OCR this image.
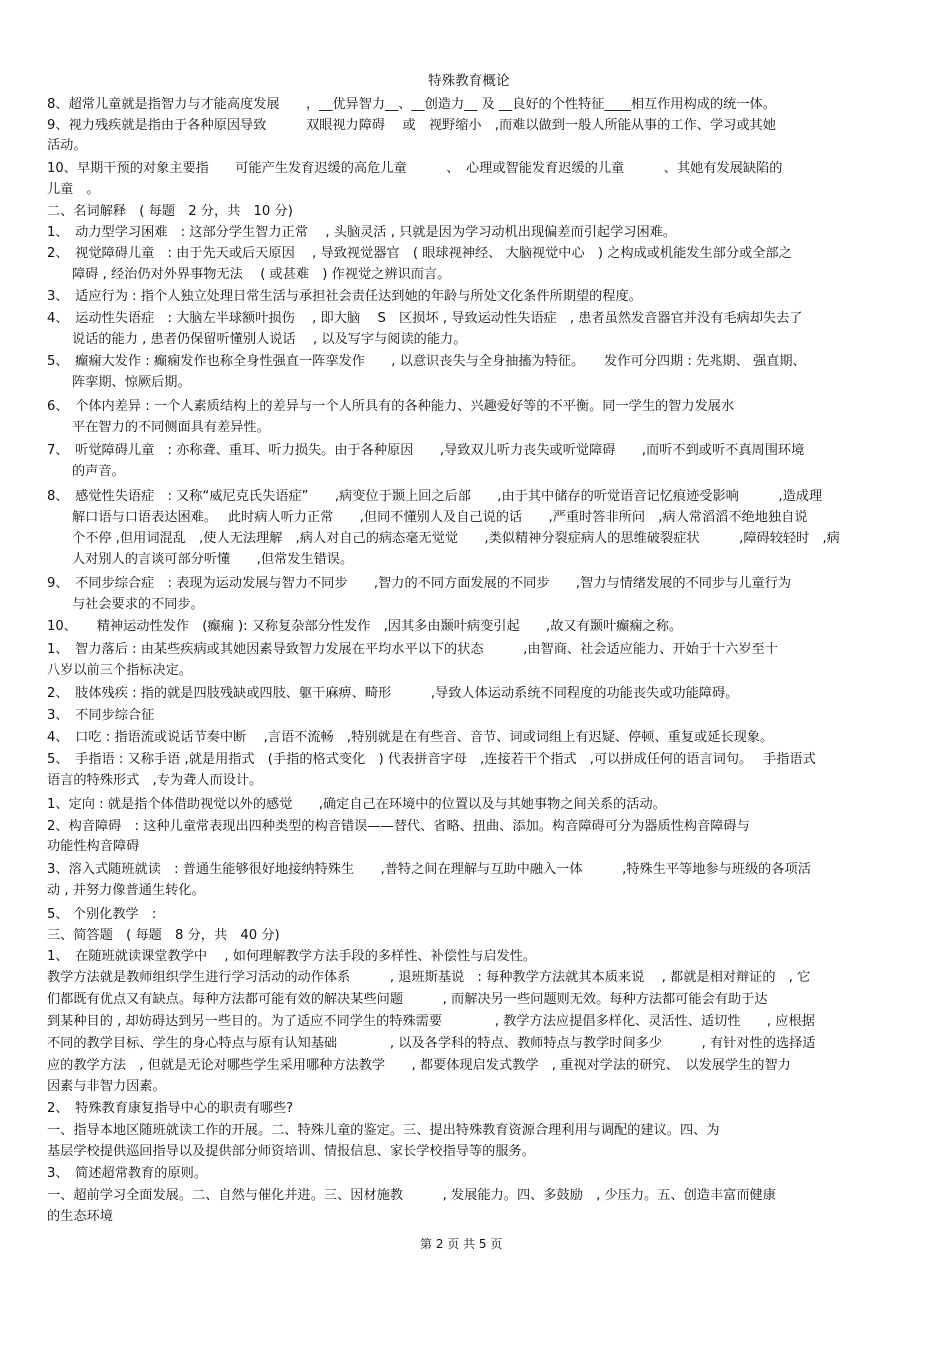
特殊教育概论
8、超常儿童就是指智力与才能高度发展　　，__优异智力__、__创造力__ 及 __良好的个性特征____相互作用构成的统一体。
9、视力残疾就是指由于各种原因导致　　　双眼视力障碍　 或　视野缩小　,而难以做到一般人所能从事的工作、学习或其她
活动。
10、早期干预的对象主要指　　可能产生发育迟缓的高危儿童　　　、　心理或智能发育迟缓的儿童　　　、其她有发展缺陷的
儿童　。
二、名词解释　( 每题　2 分，共　10 分)
1、　动力型学习困难　: 这部分学生智力正常　 , 头脑灵活 , 只就是因为学习动机出现偏差而引起学习困难。
2、　视觉障碍儿童　: 由于先天或后天原因　 , 导致视觉器官　( 眼球视神经、 大脑视觉中心　) 之构成或机能发生部分或全部之
障碍 , 经治仍对外界事物无法　 ( 或甚难　) 作视觉之辨识而言。
3、　适应行为 : 指个人独立处理日常生活与承担社会责任达到她的年龄与所处文化条件所期望的程度。
4、　运动性失语症　: 大脑左半球额叶损伤　 , 即大脑　 S　区损坏 , 导致运动性失语症　, 患者虽然发音器官并没有毛病却失去了
说话的能力 , 患者仍保留听懂别人说话　 , 以及写字与阅读的能力。
5、　癫痫大发作 : 癫痫发作也称全身性强直一阵挛发作　　, 以意识丧失与全身抽搐为特征。　　发作可分四期 : 先兆期、 强直期、
阵挛期、惊厥后期。
6、　个体内差异 : 一个人素质结构上的差异与一个人所具有的各种能力、兴趣爱好等的不平衡。同一学生的智力发展水
平在智力的不同侧面具有差异性。
7、　听觉障碍儿童　: 亦称聋、重耳、听力损失。由于各种原因　　,导致双儿听力丧失或听觉障碍　　,而听不到或听不真周围环境
的声音。
8、　感觉性失语症　: 又称“威尼克氏失语症”　　,病变位于颞上回之后部　　,由于其中储存的听觉语音记忆痕迹受影响　　　,造成理
解口语与口语表达困难。　 此时病人听力正常　　,但同不懂别人及自己说的话　　,严重时答非所问　,病人常滔滔不绝地独自说
个不停 ,但用词混乱　,使人无法理解　,病人对自己的病态毫无觉觉　　,类似精神分裂症病人的思维破裂症状　　　,障碍较轻时　,病
人对别人的言谈可部分听懂　　,但常发生错误。
9、　不同步综合症　: 表现为运动发展与智力不同步　　,智力的不同方面发展的不同步　　,智力与情绪发展的不同步与儿童行为
与社会要求的不同步。
10、　　精神运动性发作　(癫痫 ): 又称复杂部分性发作　,因其多由颞叶病变引起　　,故又有颞叶癫痫之称。
1、　智力落后 : 由某些疾病或其她因素导致智力发展在平均水平以下的状态　　　,由智商、社会适应能力、开始于十六岁至十
八岁以前三个指标决定。
2、　肢体残疾 : 指的就是四肢残缺或四肢、躯干麻痹、畸形　　　,导致人体运动系统不同程度的功能丧失或功能障碍。
3、　不同步综合征
4、　口吃 : 指语流或说话节奏中断　 ,言语不流畅　,特别就是在有些音、音节、词或词组上有迟疑、停顿、重复或延长现象。
5、　手指语 : 又称手语 ,就是用指式　(手指的格式变化　) 代表拼音字母　,连接若干个指式　,可以拼成任何的语言词句。　 手指语式
语言的特殊形式　,专为聋人而设计。
1、定向 : 就是指个体借助视觉以外的感觉　　,确定自己在环境中的位置以及与其她事物之间关系的活动。
2、构音障碍　: 这种儿童常表现出四种类型的构音错误——替代、省略、扭曲、添加。构音障碍可分为器质性构音障碍与
功能性构音障碍
3、溶入式随班就读　: 普通生能够很好地接纳特殊生　　,普特之间在理解与互助中融入一体　　　,特殊生平等地参与班级的各项活
动 , 并努力像普通生转化。
5、 个别化教学　:
三、简答题　( 每题　8 分，共　40 分)
1、　在随班就读课堂教学中　 , 如何理解教学方法手段的多样性、补偿性与启发性。
教学方法就是教师组织学生进行学习活动的动作体系　　　, 退班斯基说　: 每种教学方法就其本质来说　 , 都就是相对辩证的　, 它
们都既有优点又有缺点。每种方法都可能有效的解决某些问题　　　, 而解决另一些问题则无效。每种方法都可能会有助于达
到某种目的 , 却妨碍达到另一些目的。为了适应不同学生的特殊需要　　　　, 教学方法应提倡多样化、灵活性、适切性　　, 应根据
不同的教学目标、学生的身心特点与原有认知基础　　　　, 以及各学科的特点、教师特点与教学时间多少　　　, 有针对性的选择适
应的教学方法　, 但就是无论对哪些学生采用哪种方法教学　　, 都要体现启发式教学　, 重视对学法的研究、　以发展学生的智力
因素与非智力因素。
2、　特殊教育康复指导中心的职责有哪些?
一、指导本地区随班就读工作的开展。二、特殊儿童的鉴定。三、提出特殊教育资源合理利用与调配的建议。四、为
基层学校提供巡回指导以及提供部分师资培训、情报信息、家长学校指导等的服务。
3、　简述超常教育的原则。
一、超前学习全面发展。二、自然与催化并进。三、因材施教　　　, 发展能力。四、多鼓励　, 少压力。五、创造丰富而健康
的生态环境
第 2 页 共 5 页
